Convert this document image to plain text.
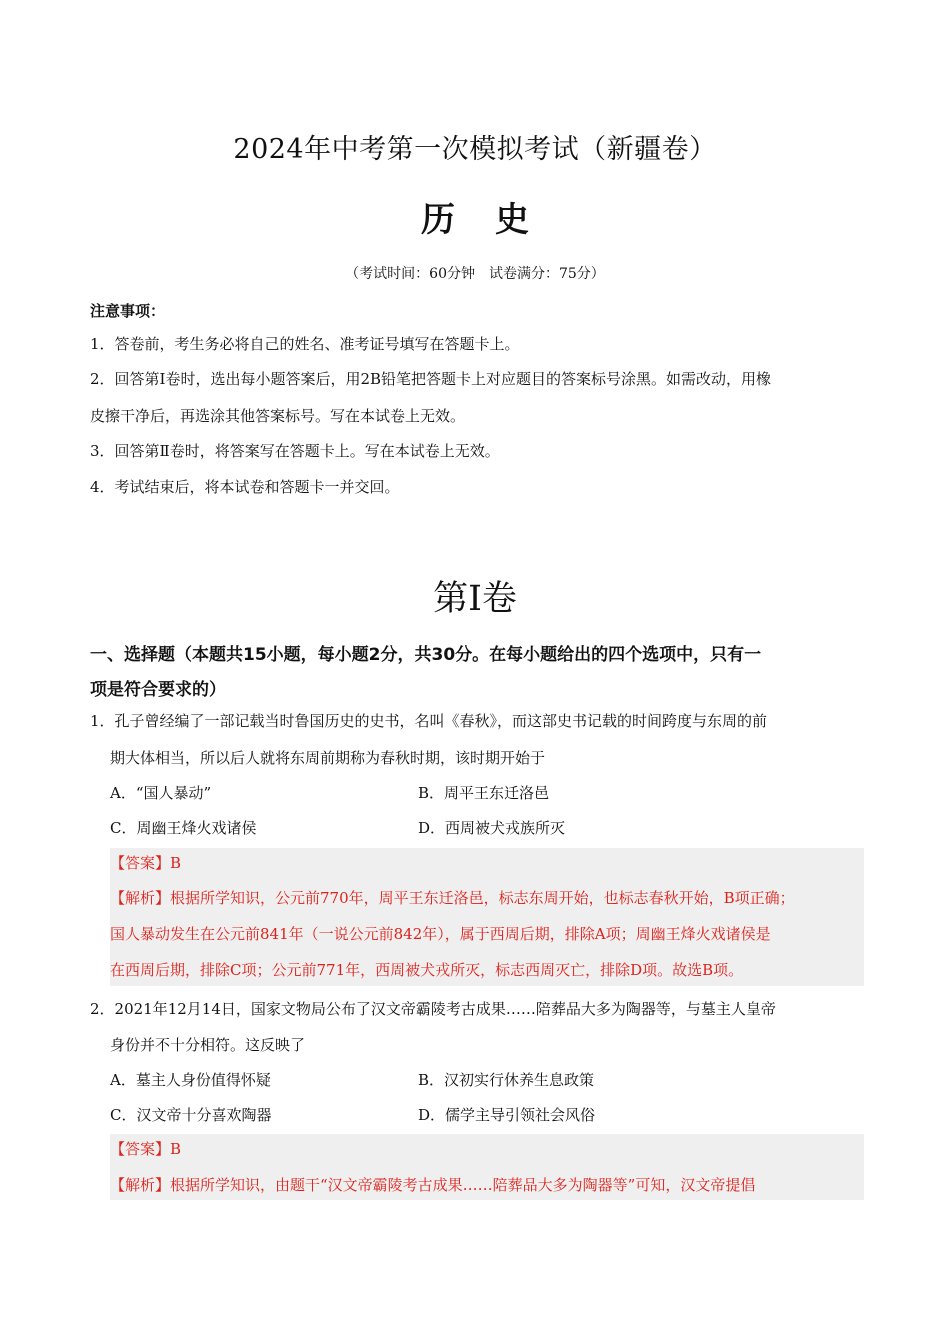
2024年中考第一次模拟考试（新疆卷）
历史
（考试时间：60分钟　试卷满分：75分）
注意事项：
1．答卷前，考生务必将自己的姓名、准考证号填写在答题卡上。
2．回答第Ⅰ卷时，选出每小题答案后，用2B铅笔把答题卡上对应题目的答案标号涂黑。如需改动，用橡
皮擦干净后，再选涂其他答案标号。写在本试卷上无效。
3．回答第Ⅱ卷时，将答案写在答题卡上。写在本试卷上无效。
4．考试结束后，将本试卷和答题卡一并交回。
第Ⅰ卷
一、选择题（本题共15小题，每小题2分，共30分。在每小题给出的四个选项中，只有一
项是符合要求的）
1．孔子曾经编了一部记载当时鲁国历史的史书，名叫《春秋》，而这部史书记载的时间跨度与东周的前
期大体相当，所以后人就将东周前期称为春秋时期，该时期开始于
A．“国人暴动”	B．周平王东迁洛邑
C．周幽王烽火戏诸侯	D．西周被犬戎族所灭
【答案】B
【解析】根据所学知识，公元前770年，周平王东迁洛邑，标志东周开始，也标志春秋开始，B项正确；
国人暴动发生在公元前841年（一说公元前842年），属于西周后期，排除A项；周幽王烽火戏诸侯是
在西周后期，排除C项；公元前771年，西周被犬戎所灭，标志西周灭亡，排除D项。故选B项。
2．2021年12月14日，国家文物局公布了汉文帝霸陵考古成果……陪葬品大多为陶器等，与墓主人皇帝
身份并不十分相符。这反映了
A．墓主人身份值得怀疑	B．汉初实行休养生息政策
C．汉文帝十分喜欢陶器	D．儒学主导引领社会风俗
【答案】B
【解析】根据所学知识，由题干“汉文帝霸陵考古成果……陪葬品大多为陶器等”可知，汉文帝提倡
